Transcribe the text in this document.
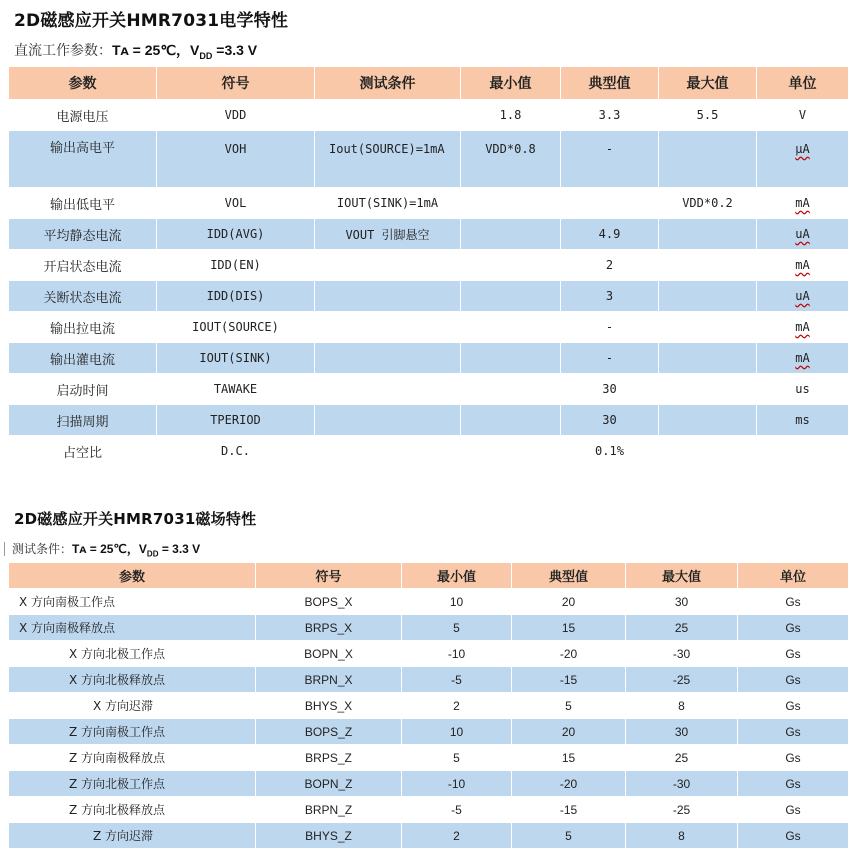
2D磁感应开关HMR7031电学特性
直流工作参数：Tᴀ = 25℃，$V_{DD} =3.3$ V
参数	符号	测试条件	最小值	典型值	最大值	单位
电源电压	VDD		1.8	3.3	5.5	V
输出高电平	VOH	Iout(SOURCE)=1mA	VDD*0.8	-		μA
输出低电平	VOL	IOUT(SINK)=1mA			VDD*0.2	mA
平均静态电流	IDD(AVG)	VOUT 引脚悬空		4.9		uA
开启状态电流	IDD(EN)			2		mA
关断状态电流	IDD(DIS)			3		uA
输出拉电流	IOUT(SOURCE)			-		mA
输出灌电流	IOUT(SINK)			-		mA
启动时间	TAWAKE			30		us
扫描周期	TPERIOD			30		ms
占空比	D.C.			0.1%		
2D磁感应开关HMR7031磁场特性
测试条件：Tᴀ = 25℃，$V_{DD} = 3.3$ V
参数	符号	最小值	典型值	最大值	单位
X 方向南极工作点	BOPS_X	10	20	30	Gs
X 方向南极释放点	BRPS_X	5	15	25	Gs
X 方向北极工作点	BOPN_X	-10	-20	-30	Gs
X 方向北极释放点	BRPN_X	-5	-15	-25	Gs
X 方向迟滞	BHYS_X	2	5	8	Gs
Z 方向南极工作点	BOPS_Z	10	20	30	Gs
Z 方向南极释放点	BRPS_Z	5	15	25	Gs
Z 方向北极工作点	BOPN_Z	-10	-20	-30	Gs
Z 方向北极释放点	BRPN_Z	-5	-15	-25	Gs
Z 方向迟滞	BHYS_Z	2	5	8	Gs
